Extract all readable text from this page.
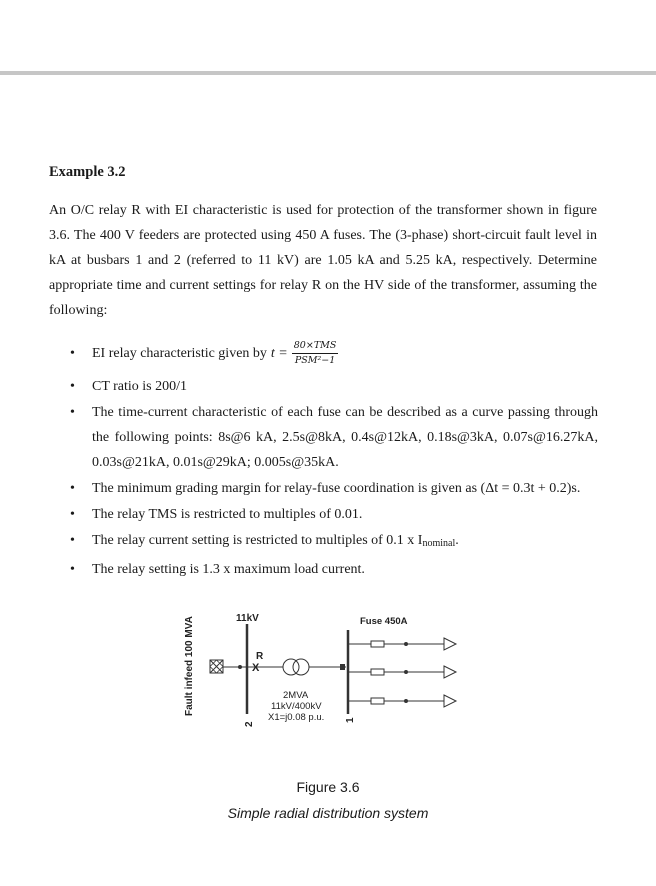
Example 3.2

An O/C relay R with EI characteristic is used for protection of the transformer shown in figure 3.6. The 400 V feeders are protected using 450 A fuses. The (3-phase) short-circuit fault level in kA at busbars 1 and 2 (referred to 11 kV) are 1.05 kA and 5.25 kA, respectively. Determine appropriate time and current settings for relay R on the HV side of the transformer, assuming the following:

• EI relay characteristic given by $t = \frac{\text{80×TMS}}{\text{PSM²−1}}$
• CT ratio is 200/1
• The time-current characteristic of each fuse can be described as a curve passing through the following points: 8s@6 kA, 2.5s@8kA, 0.4s@12kA, 0.18s@3kA, 0.07s@16.27kA, 0.03s@21kA, 0.01s@29kA; 0.005s@35kA.
• The minimum grading margin for relay-fuse coordination is given as (Δt = 0.3t + 0.2)s.
• The relay TMS is restricted to multiples of 0.01.
• The relay current setting is restricted to multiples of 0.1 x $I_{nominal}$.
• The relay setting is 1.3 x maximum load current.
Fault infeed 100 MVA	11kV
2
R
X
2MVA
11kV/400kV
X1=j0.08 p.u. 1
Fuse 450A
Figure 3.6
Simple radial distribution system
